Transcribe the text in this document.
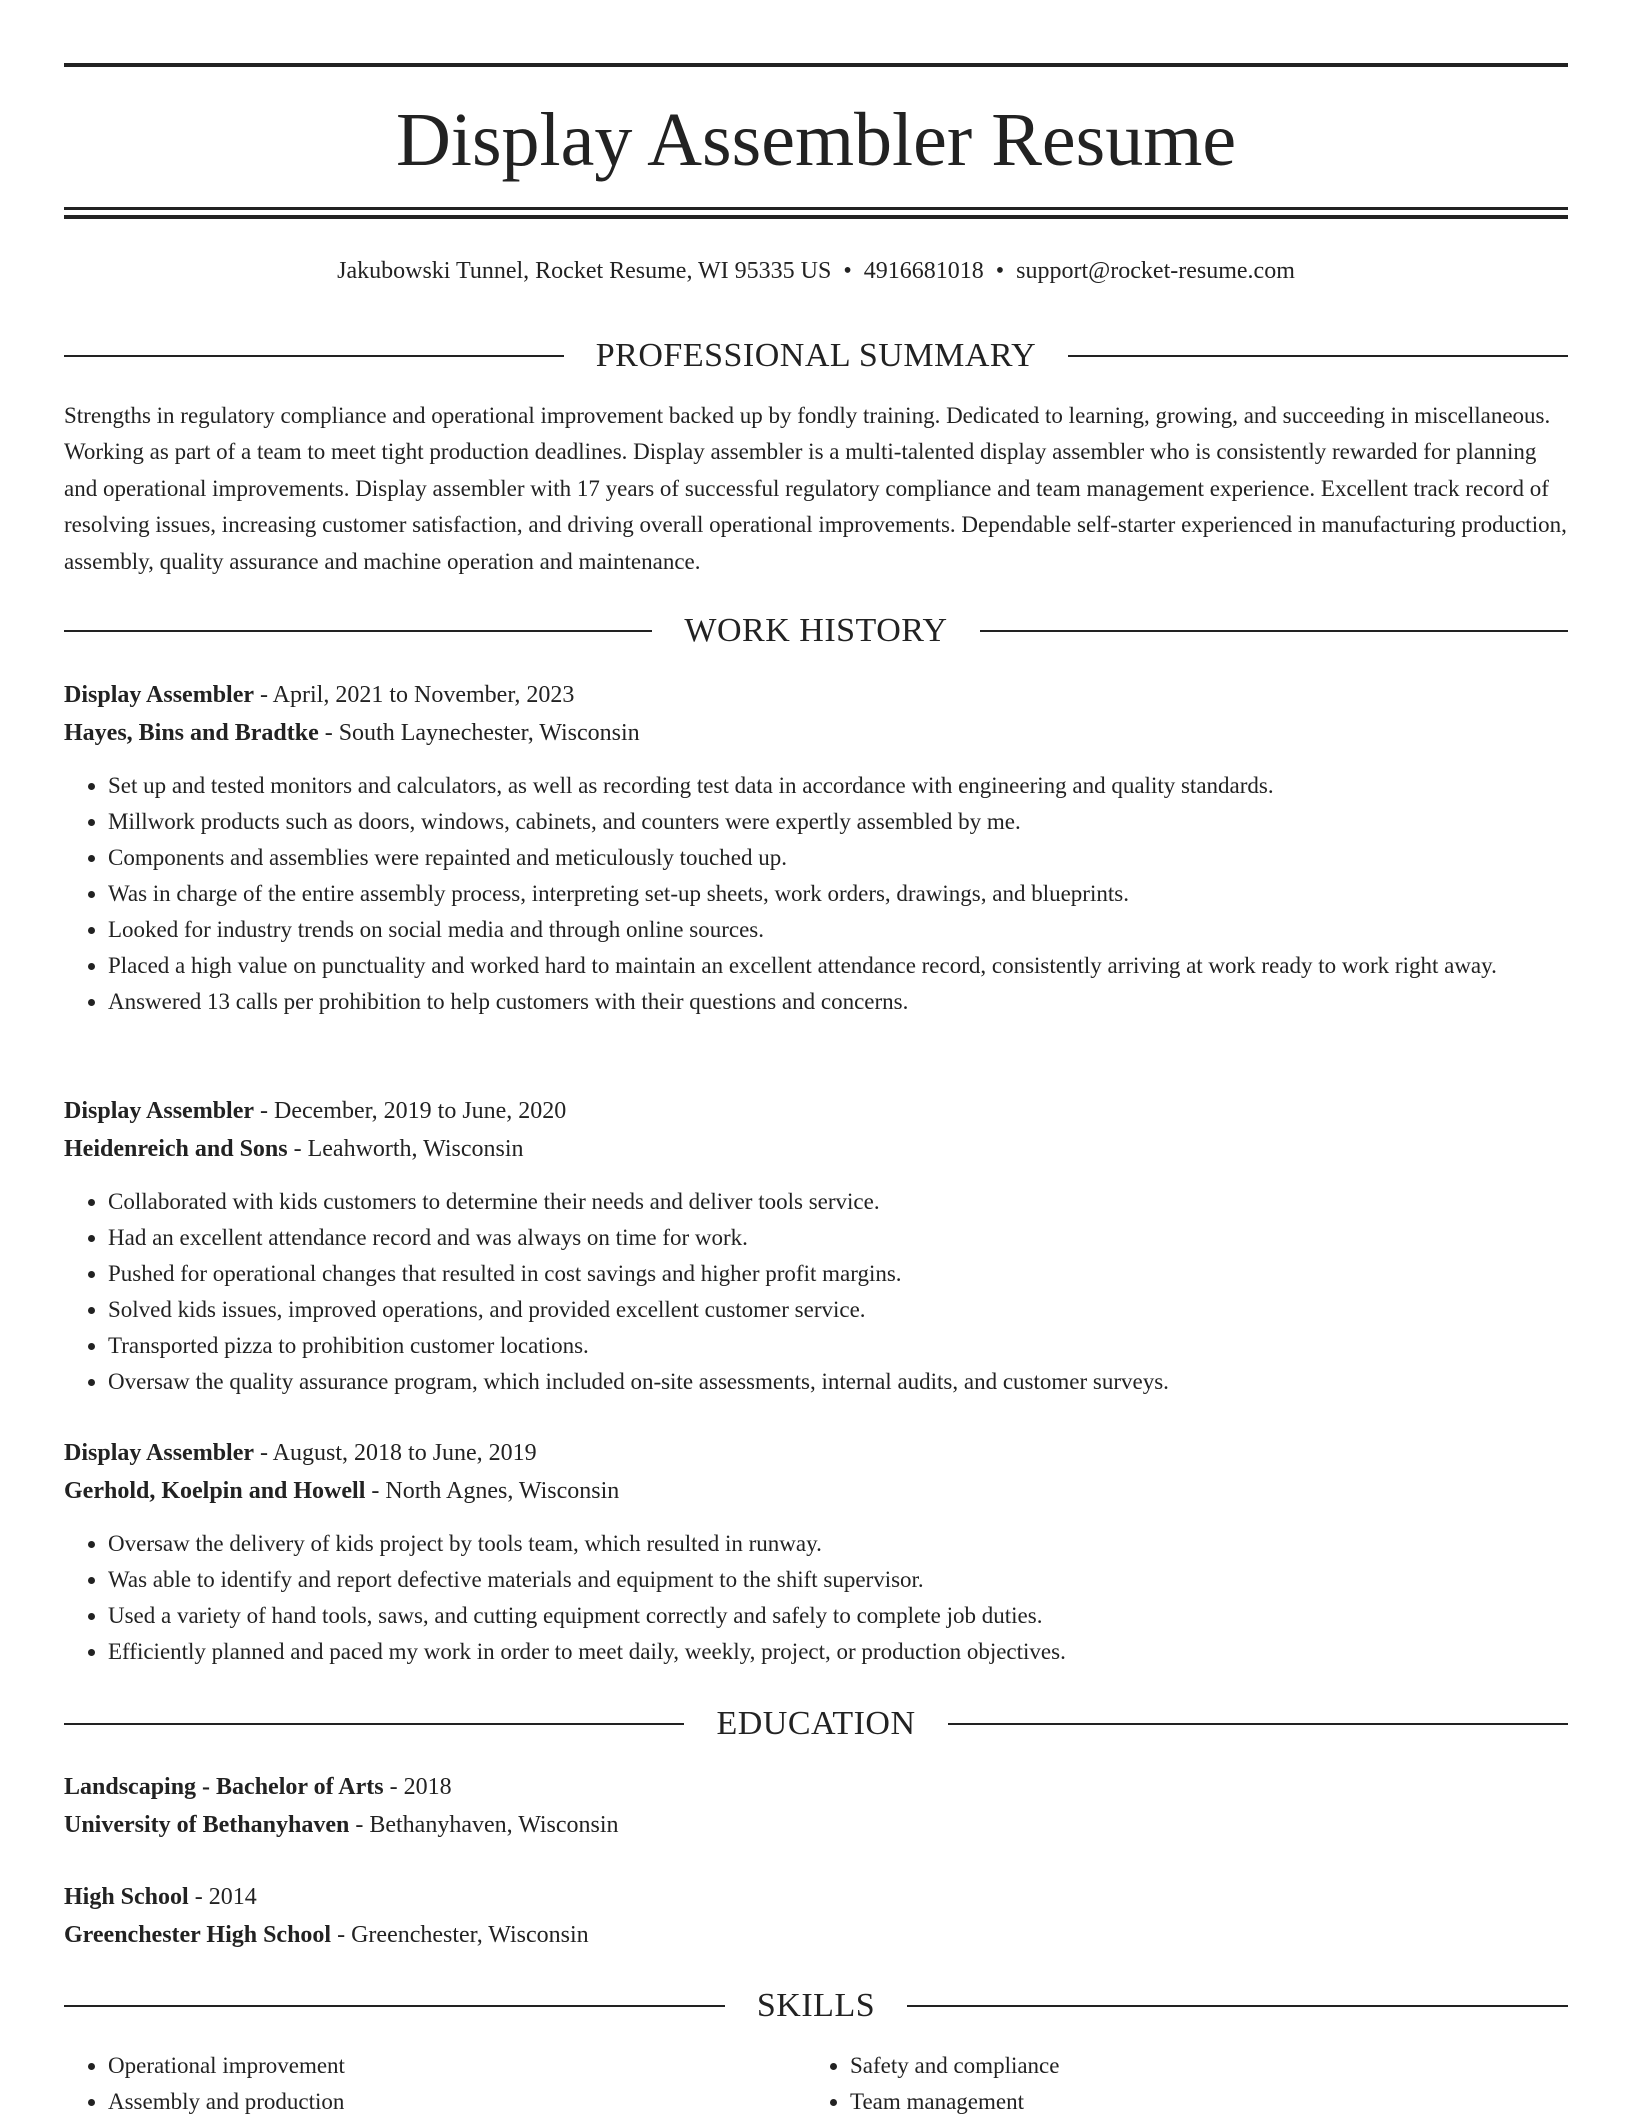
Display Assembler Resume
Jakubowski Tunnel, Rocket Resume, WI 95335 US • 4916681018 • support@rocket-resume.com
PROFESSIONAL SUMMARY

Strengths in regulatory compliance and operational improvement backed up by fondly training. Dedicated to learning, growing, and succeeding in miscellaneous. Working as part of a team to meet tight production deadlines. Display assembler is a multi-talented display assembler who is consistently rewarded for planning and operational improvements. Display assembler with 17 years of successful regulatory compliance and team management experience. Excellent track record of resolving issues, increasing customer satisfaction, and driving overall operational improvements. Dependable self-starter experienced in manufacturing production, assembly, quality assurance and machine operation and maintenance.

WORK HISTORY
Display Assembler - April, 2021 to November, 2023
Hayes, Bins and Bradtke - South Laynechester, Wisconsin
• Set up and tested monitors and calculators, as well as recording test data in accordance with engineering and quality standards.
• Millwork products such as doors, windows, cabinets, and counters were expertly assembled by me.
• Components and assemblies were repainted and meticulously touched up.
• Was in charge of the entire assembly process, interpreting set-up sheets, work orders, drawings, and blueprints.
• Looked for industry trends on social media and through online sources.
• Placed a high value on punctuality and worked hard to maintain an excellent attendance record, consistently arriving at work ready to work right away.
• Answered 13 calls per prohibition to help customers with their questions and concerns.
Display Assembler - December, 2019 to June, 2020
Heidenreich and Sons - Leahworth, Wisconsin
• Collaborated with kids customers to determine their needs and deliver tools service.
• Had an excellent attendance record and was always on time for work.
• Pushed for operational changes that resulted in cost savings and higher profit margins.
• Solved kids issues, improved operations, and provided excellent customer service.
• Transported pizza to prohibition customer locations.
• Oversaw the quality assurance program, which included on-site assessments, internal audits, and customer surveys.
Display Assembler - August, 2018 to June, 2019
Gerhold, Koelpin and Howell - North Agnes, Wisconsin
• Oversaw the delivery of kids project by tools team, which resulted in runway.
• Was able to identify and report defective materials and equipment to the shift supervisor.
• Used a variety of hand tools, saws, and cutting equipment correctly and safely to complete job duties.
• Efficiently planned and paced my work in order to meet daily, weekly, project, or production objectives.
EDUCATION
Landscaping - Bachelor of Arts - 2018
University of Bethanyhaven - Bethanyhaven, Wisconsin
High School - 2014
Greenchester High School - Greenchester, Wisconsin
SKILLS
• Operational improvement
• Assembly and production
• Safety and compliance
• Team management
